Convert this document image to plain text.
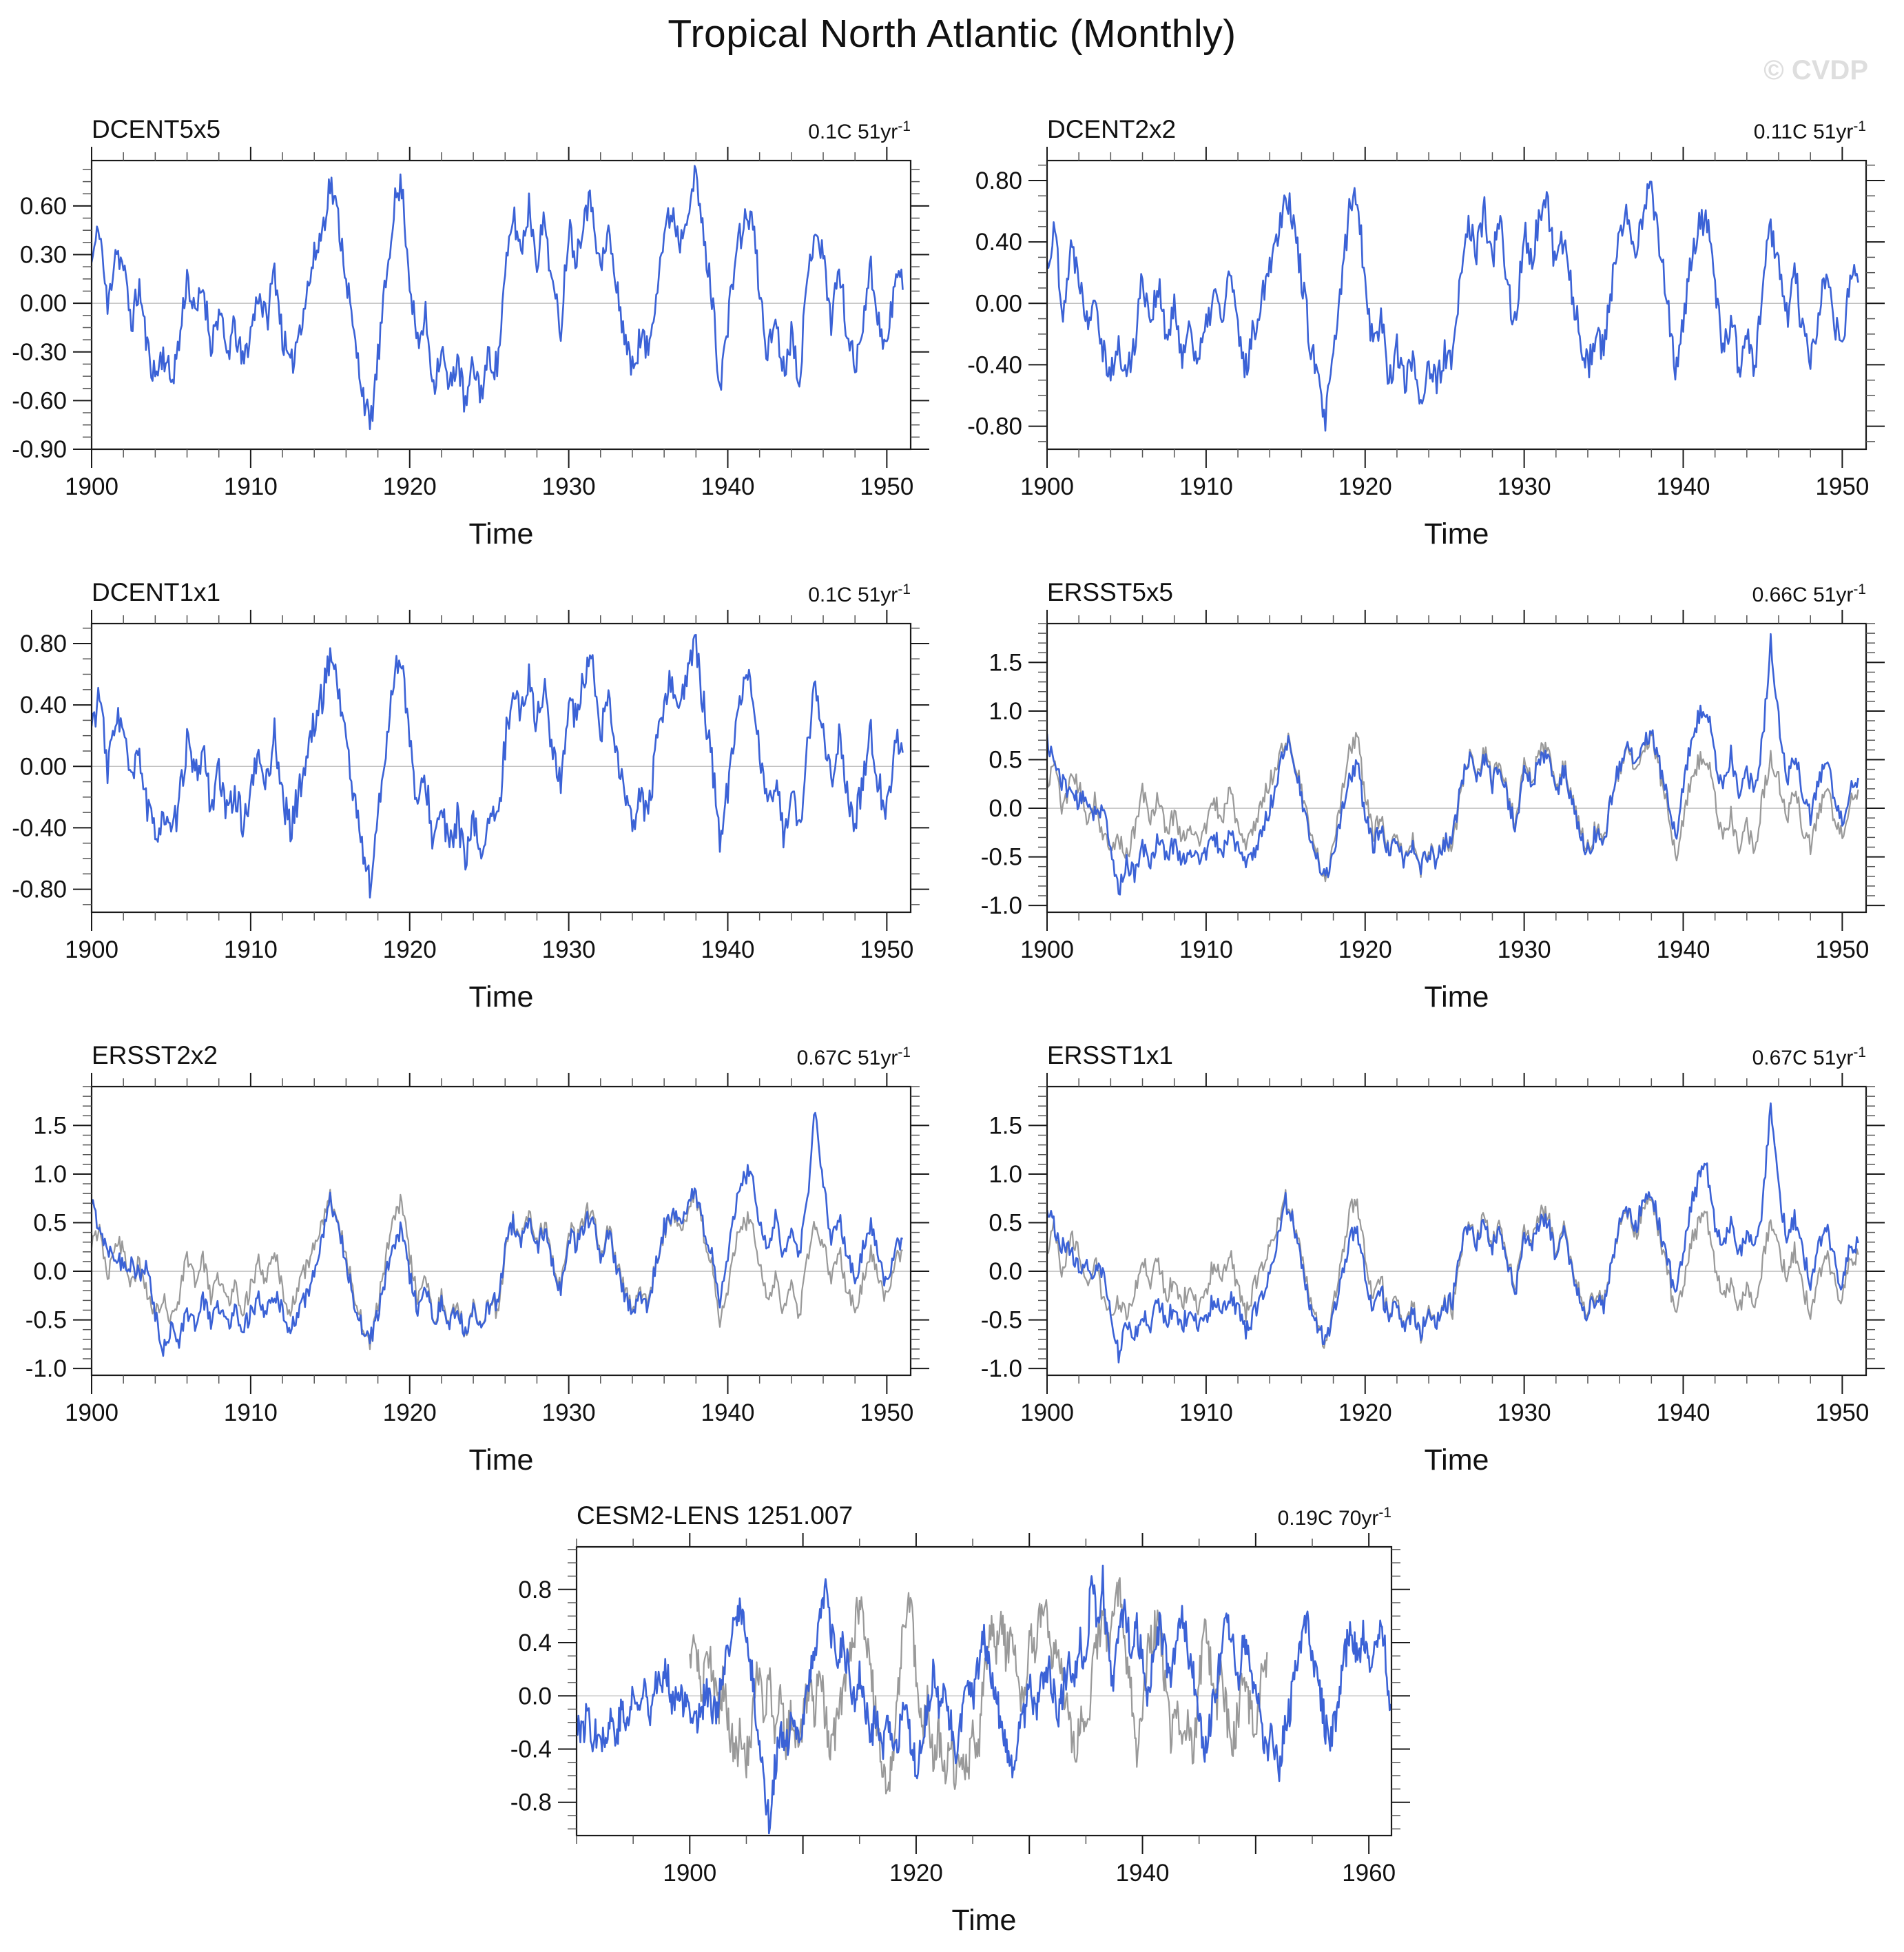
Tropical North Atlantic (Monthly)
© CVDP
DCENT5x5	0.1C $51yr^{-1}$
1900	1910	1920	1930	1940	1950
0.60
0.30
0.00
-0.30
-0.60
-0.90
Time
DCENT2x2	0.11C $51yr^{-1}$
1900	1910	1920	1930	1940	1950
0.80
0.40
0.00
-0.40
-0.80
Time
DCENT1x1	0.1C $51yr^{-1}$
1900	1910	1920	1930	1940	1950
0.80
0.40
0.00
-0.40
-0.80
Time
ERSST5x5	0.66C $51yr^{-1}$
1900	1910	1920	1930	1940	1950
1.5
1.0
0.5
0.0
-0.5
-1.0
Time
ERSST2x2	0.67C $51yr^{-1}$
1900	1910	1920	1930	1940	1950
1.5
1.0
0.5
0.0
-0.5
-1.0
Time
ERSST1x1	0.67C $51yr^{-1}$
1900	1910	1920	1930	1940	1950
1.5
1.0
0.5
0.0
-0.5
-1.0
Time
CESM2-LENS 1251.007	0.19C $70yr^{-1}$
1900	1920	1940	1960
0.8
0.4
0.0
-0.4
-0.8
Time
